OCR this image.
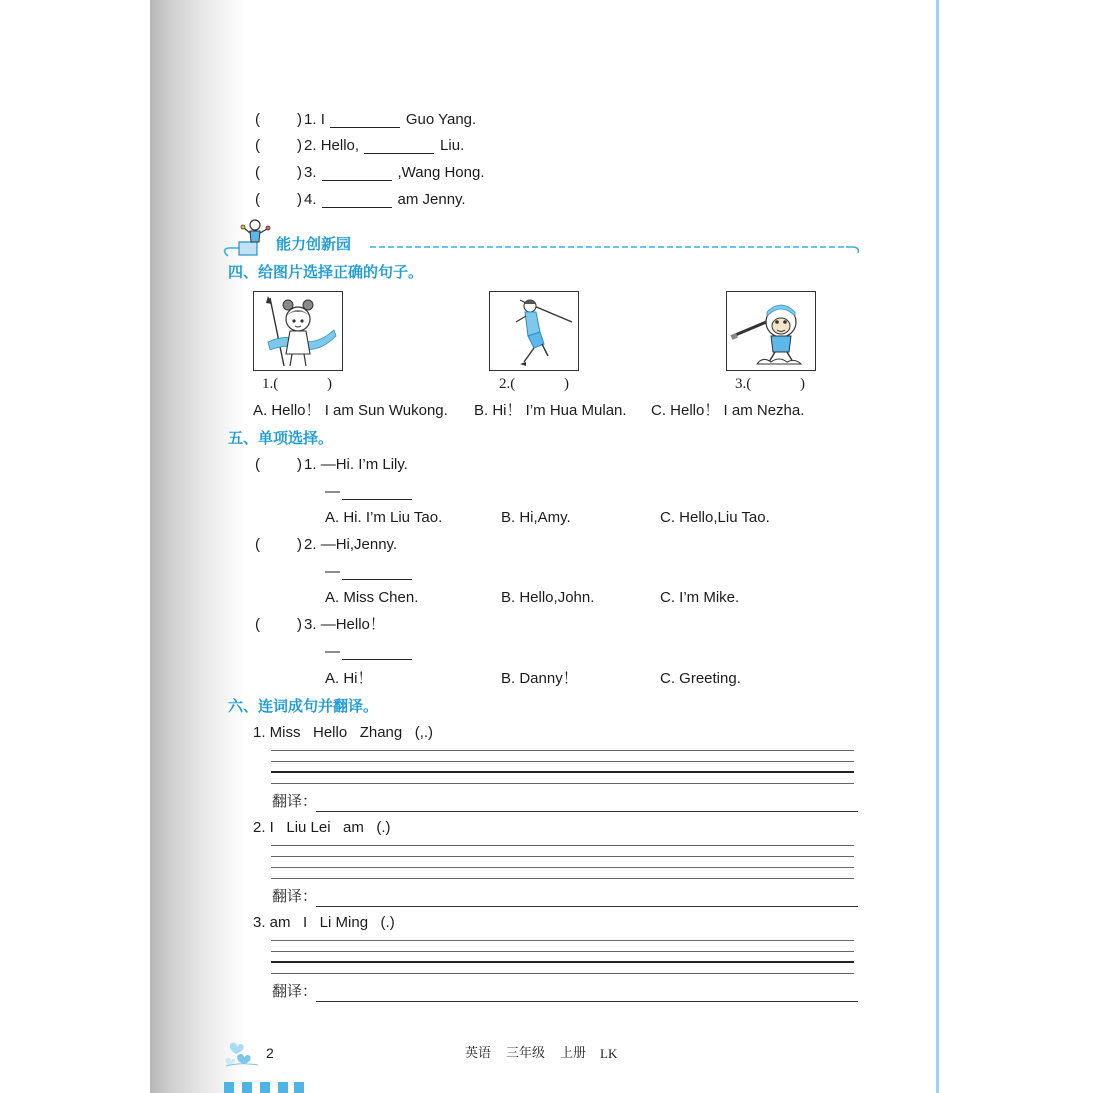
( ) 1. I	Guo Yang.
( ) 2. Hello,	Liu.
( ) 3.	,Wang Hong.
( ) 4.	am Jenny.
能力创新园
四、给图片选择正确的句子。
1.(	)	2.(	)	3.(	)
A. Hello！ I am Sun Wukong. B. Hi！ I’m Hua Mulan. C. Hello！ I am Nezha.
五、单项选择。
( ) 1. —Hi. I’m Lily.
—
A. Hi. I’m Liu Tao.	B. Hi,Amy.	C. Hello,Liu Tao.
( ) 2. —Hi,Jenny.
—
A. Miss Chen.	B. Hello,John.	C. I’m Mike.
( ) 3. —Hello！
—
A. Hi！	B. Danny！	C. Greeting.
六、连词成句并翻译。
1. Miss   Hello   Zhang   (,.)
翻译：
2. I   Liu Lei   am   (.)
翻译：
3. am   I   Li Ming   (.)
翻译：
2	英语 三年级 上册 LK
